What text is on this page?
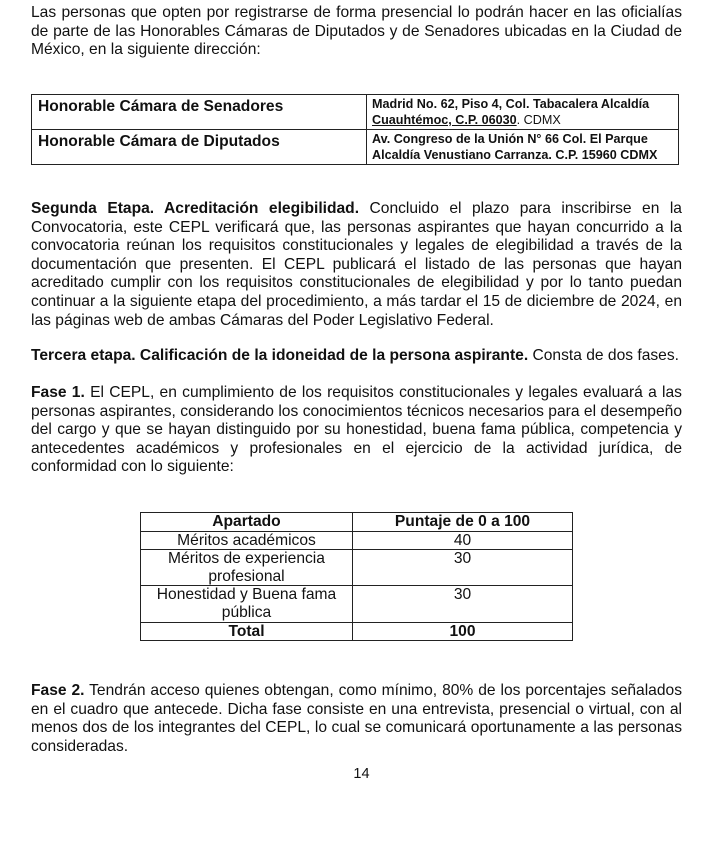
Las personas que opten por registrarse de forma presencial lo podrán hacer en las oficialías de parte de las Honorables Cámaras de Diputados y de Senadores ubicadas en la Ciudad de México, en la siguiente dirección:

Honorable Cámara de Senadores	Madrid No. 62, Piso 4, Col. Tabacalera Alcaldía
Cuauhtémoc, C.P. 06030. CDMX

Honorable Cámara de Diputados	Av. Congreso de la Unión N° 66 Col. El Parque
Alcaldía Venustiano Carranza. C.P. 15960 CDMX

Segunda Etapa. Acreditación elegibilidad. Concluido el plazo para inscribirse en la Convocatoria, este CEPL verificará que, las personas aspirantes que hayan concurrido a la convocatoria reúnan los requisitos constitucionales y legales de elegibilidad a través de la documentación que presenten. El CEPL publicará el listado de las personas que hayan acreditado cumplir con los requisitos constitucionales de elegibilidad y por lo tanto puedan continuar a la siguiente etapa del procedimiento, a más tardar el 15 de diciembre de 2024, en las páginas web de ambas Cámaras del Poder Legislativo Federal.

Tercera etapa. Calificación de la idoneidad de la persona aspirante. Consta de dos fases.

Fase 1. El CEPL, en cumplimiento de los requisitos constitucionales y legales evaluará a las personas aspirantes, considerando los conocimientos técnicos necesarios para el desempeño del cargo y que se hayan distinguido por su honestidad, buena fama pública, competencia y antecedentes académicos y profesionales en el ejercicio de la actividad jurídica, de conformidad con lo siguiente:

Apartado	Puntaje de 0 a 100
Méritos académicos	40
Méritos de experiencia profesional	30
Honestidad y Buena fama pública	30
Total	100

Fase 2. Tendrán acceso quienes obtengan, como mínimo, 80% de los porcentajes señalados en el cuadro que antecede. Dicha fase consiste en una entrevista, presencial o virtual, con al menos dos de los integrantes del CEPL, lo cual se comunicará oportunamente a las personas consideradas.

14
